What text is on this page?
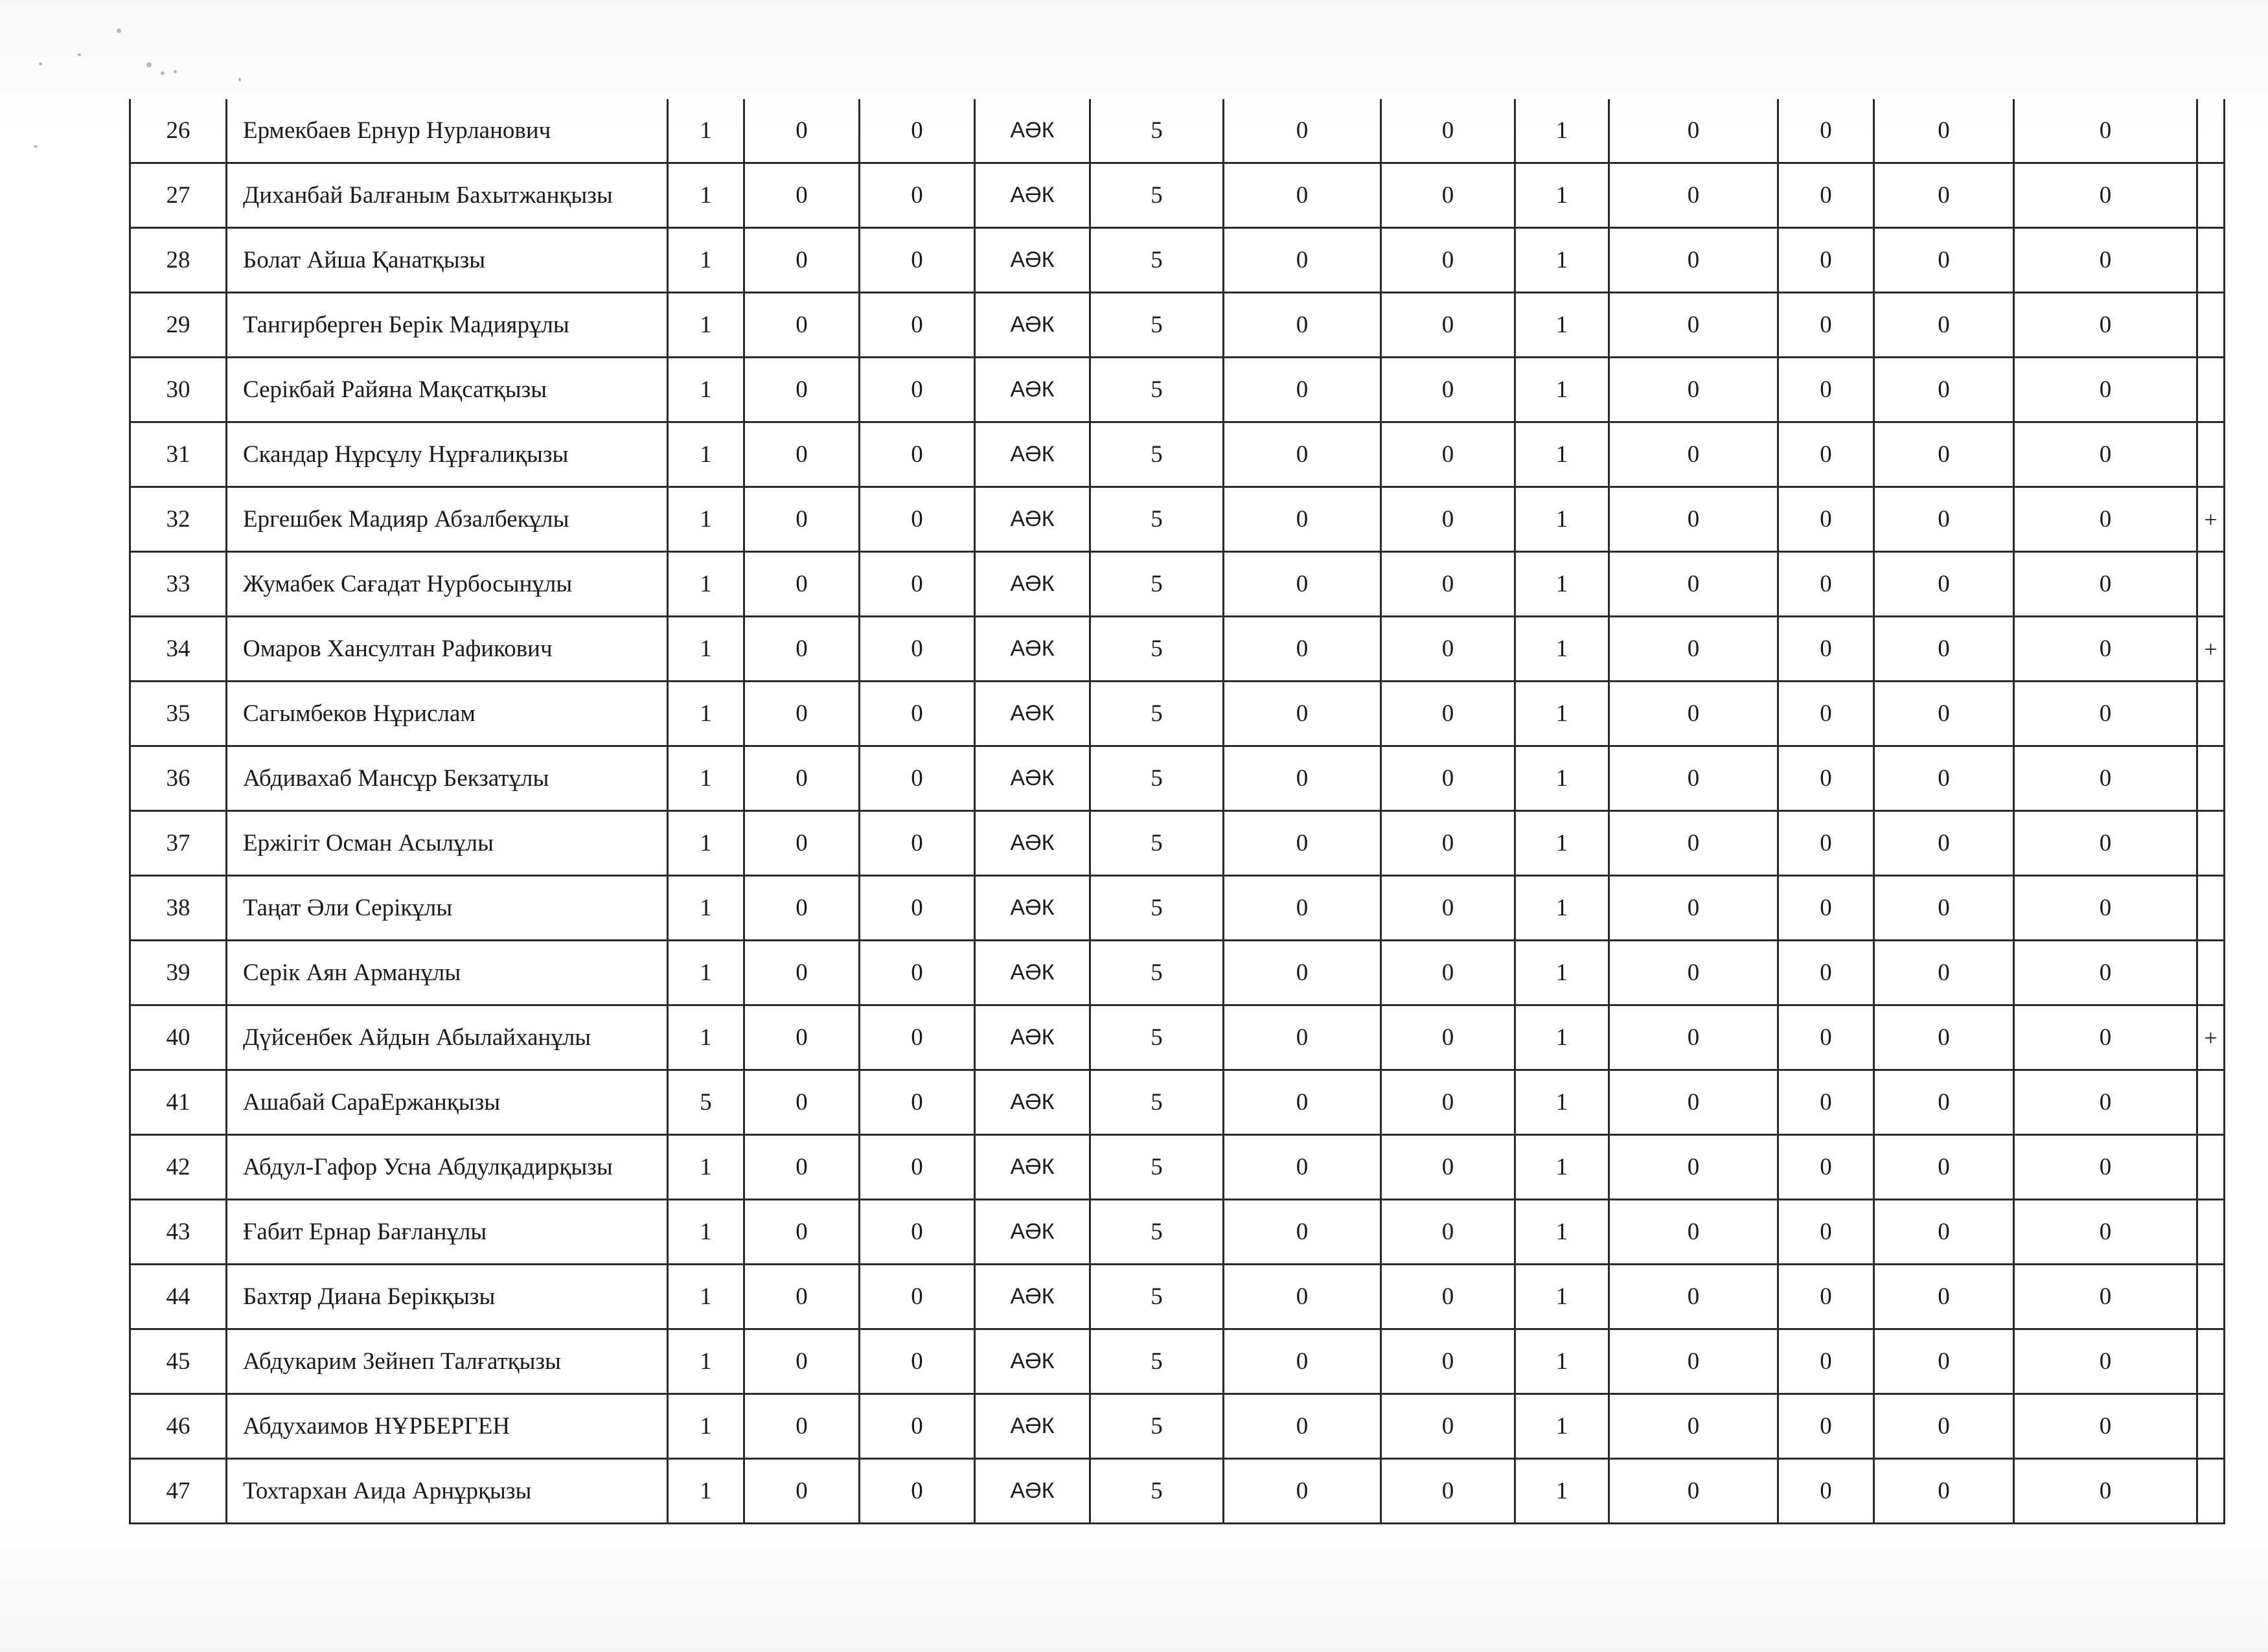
26	Ермекбаев Ернур Нурланович	1	0	0	АӘК	5	0	0	1	0	0	0	0	
27	Диханбай Балғаным Бахытжанқызы	1	0	0	АӘК	5	0	0	1	0	0	0	0	
28	Болат Айша Қанатқызы	1	0	0	АӘК	5	0	0	1	0	0	0	0	
29	Тангирберген Берік Мадиярұлы	1	0	0	АӘК	5	0	0	1	0	0	0	0	
30	Серікбай Райяна Мақсатқызы	1	0	0	АӘК	5	0	0	1	0	0	0	0	
31	Скандар Нұрсұлу Нұрғалиқызы	1	0	0	АӘК	5	0	0	1	0	0	0	0	
32	Ергешбек Мадияр Абзалбекұлы	1	0	0	АӘК	5	0	0	1	0	0	0	0	+
33	Жумабек Сағадат Нурбосынұлы	1	0	0	АӘК	5	0	0	1	0	0	0	0	
34	Омаров Хансултан Рафикович	1	0	0	АӘК	5	0	0	1	0	0	0	0	+
35	Сагымбеков Нұрислам	1	0	0	АӘК	5	0	0	1	0	0	0	0	
36	Абдивахаб Мансұр Бекзатұлы	1	0	0	АӘК	5	0	0	1	0	0	0	0	
37	Ержігіт Осман Асылұлы	1	0	0	АӘК	5	0	0	1	0	0	0	0	
38	Таңат Әли Серікұлы	1	0	0	АӘК	5	0	0	1	0	0	0	0	
39	Серік Аян Арманұлы	1	0	0	АӘК	5	0	0	1	0	0	0	0	
40	Дүйсенбек Айдын Абылайханұлы	1	0	0	АӘК	5	0	0	1	0	0	0	0	+
41	Ашабай СараЕржанқызы	5	0	0	АӘК	5	0	0	1	0	0	0	0	
42	Абдул-Гафор Усна Абдулқадирқызы	1	0	0	АӘК	5	0	0	1	0	0	0	0	
43	Ғабит Ернар Бағланұлы	1	0	0	АӘК	5	0	0	1	0	0	0	0	
44	Бахтяр Диана Берікқызы	1	0	0	АӘК	5	0	0	1	0	0	0	0	
45	Абдукарим Зейнеп Талғатқызы	1	0	0	АӘК	5	0	0	1	0	0	0	0	
46	Абдухаимов НҰРБЕРГЕН	1	0	0	АӘК	5	0	0	1	0	0	0	0	
47	Тохтархан Аида Арнұрқызы	1	0	0	АӘК	5	0	0	1	0	0	0	0	
